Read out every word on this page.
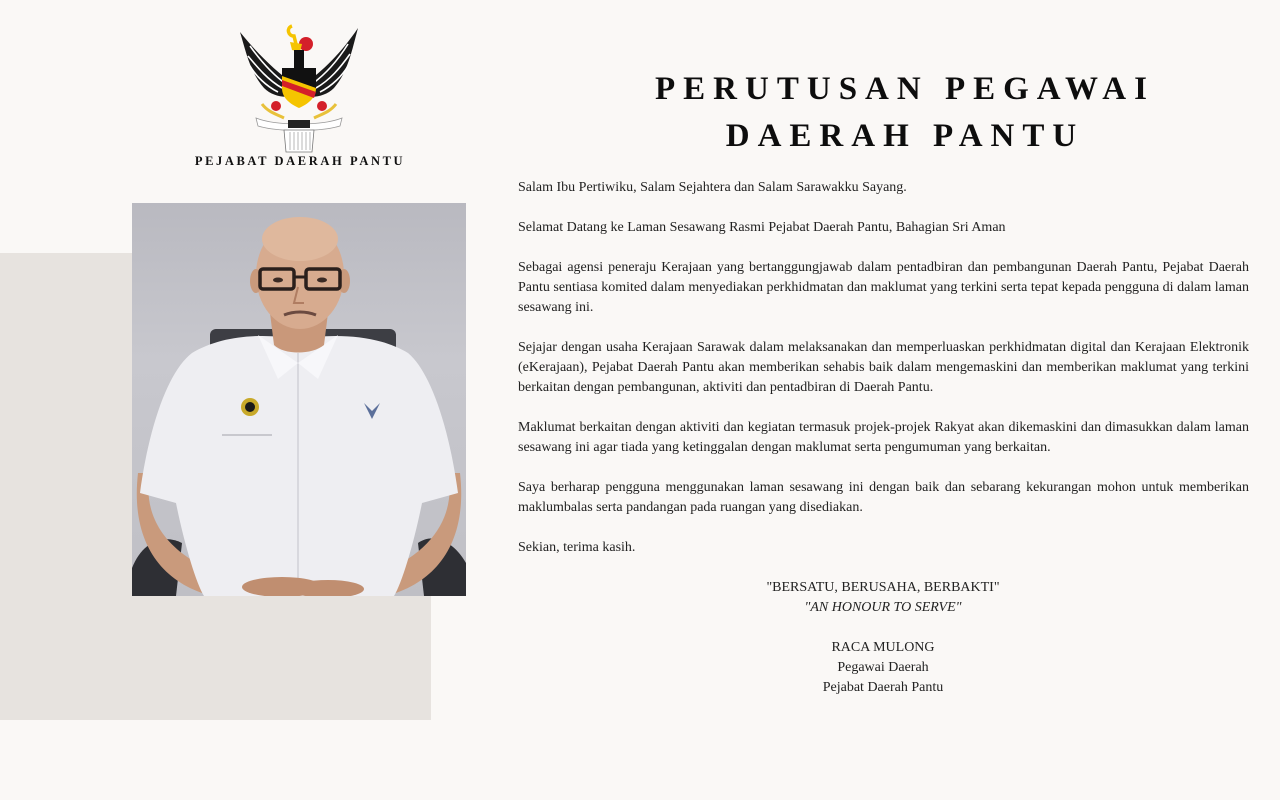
PEJABAT DAERAH PANTU
PERUTUSAN PEGAWAI
DAERAH PANTU

Salam Ibu Pertiwiku, Salam Sejahtera dan Salam Sarawakku Sayang.

Selamat Datang ke Laman Sesawang Rasmi Pejabat Daerah Pantu, Bahagian Sri Aman

Sebagai agensi peneraju Kerajaan yang bertanggungjawab dalam pentadbiran dan pembangunan Daerah Pantu, Pejabat Daerah Pantu sentiasa komited dalam menyediakan perkhidmatan dan maklumat yang terkini serta tepat kepada pengguna di dalam laman sesawang ini.

Sejajar dengan usaha Kerajaan Sarawak dalam melaksanakan dan memperluaskan perkhidmatan digital dan Kerajaan Elektronik (eKerajaan), Pejabat Daerah Pantu akan memberikan sehabis baik dalam mengemaskini dan memberikan maklumat yang terkini berkaitan dengan pembangunan, aktiviti dan pentadbiran di Daerah Pantu.

Maklumat berkaitan dengan aktiviti dan kegiatan termasuk projek-projek Rakyat akan dikemaskini dan dimasukkan dalam laman sesawang ini agar tiada yang ketinggalan dengan maklumat serta pengumuman yang berkaitan.

Saya berharap pengguna menggunakan laman sesawang ini dengan baik dan sebarang kekurangan mohon untuk memberikan maklumbalas serta pandangan pada ruangan yang disediakan.

Sekian, terima kasih.

"BERSATU, BERUSAHA, BERBAKTI"
"AN HONOUR TO SERVE"
RACA MULONG
Pegawai Daerah
Pejabat Daerah Pantu
